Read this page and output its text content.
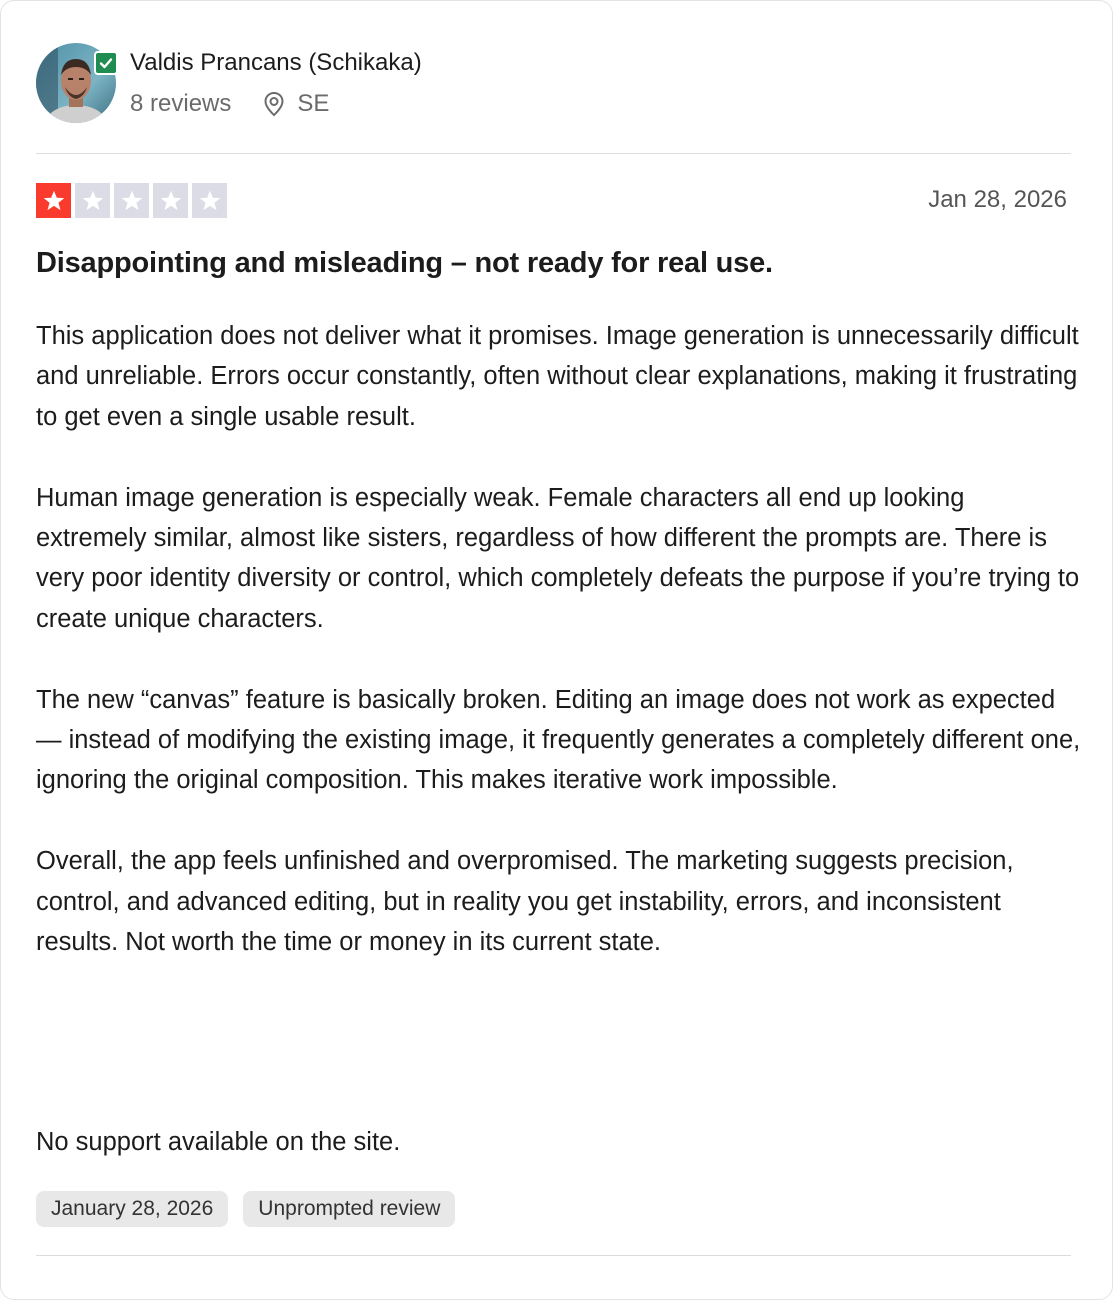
Valdis Prancans (Schikaka)
8 reviews	SE
Jan 28, 2026
Disappointing and misleading – not ready for real use.

This application does not deliver what it promises. Image generation is unnecessarily difficult and unreliable. Errors occur constantly, often without clear explanations, making it frustrating to get even a single usable result.

Human image generation is especially weak. Female characters all end up looking extremely similar, almost like sisters, regardless of how different the prompts are. There is very poor identity diversity or control, which completely defeats the purpose if you’re trying to create unique characters.

The new “canvas” feature is basically broken. Editing an image does not work as expected — instead of modifying the existing image, it frequently generates a completely different one, ignoring the original composition. This makes iterative work impossible.

Overall, the app feels unfinished and overpromised. The marketing suggests precision, control, and advanced editing, but in reality you get instability, errors, and inconsistent results. Not worth the time or money in its current state.

No support available on the site.
January 28, 2026	Unprompted review
